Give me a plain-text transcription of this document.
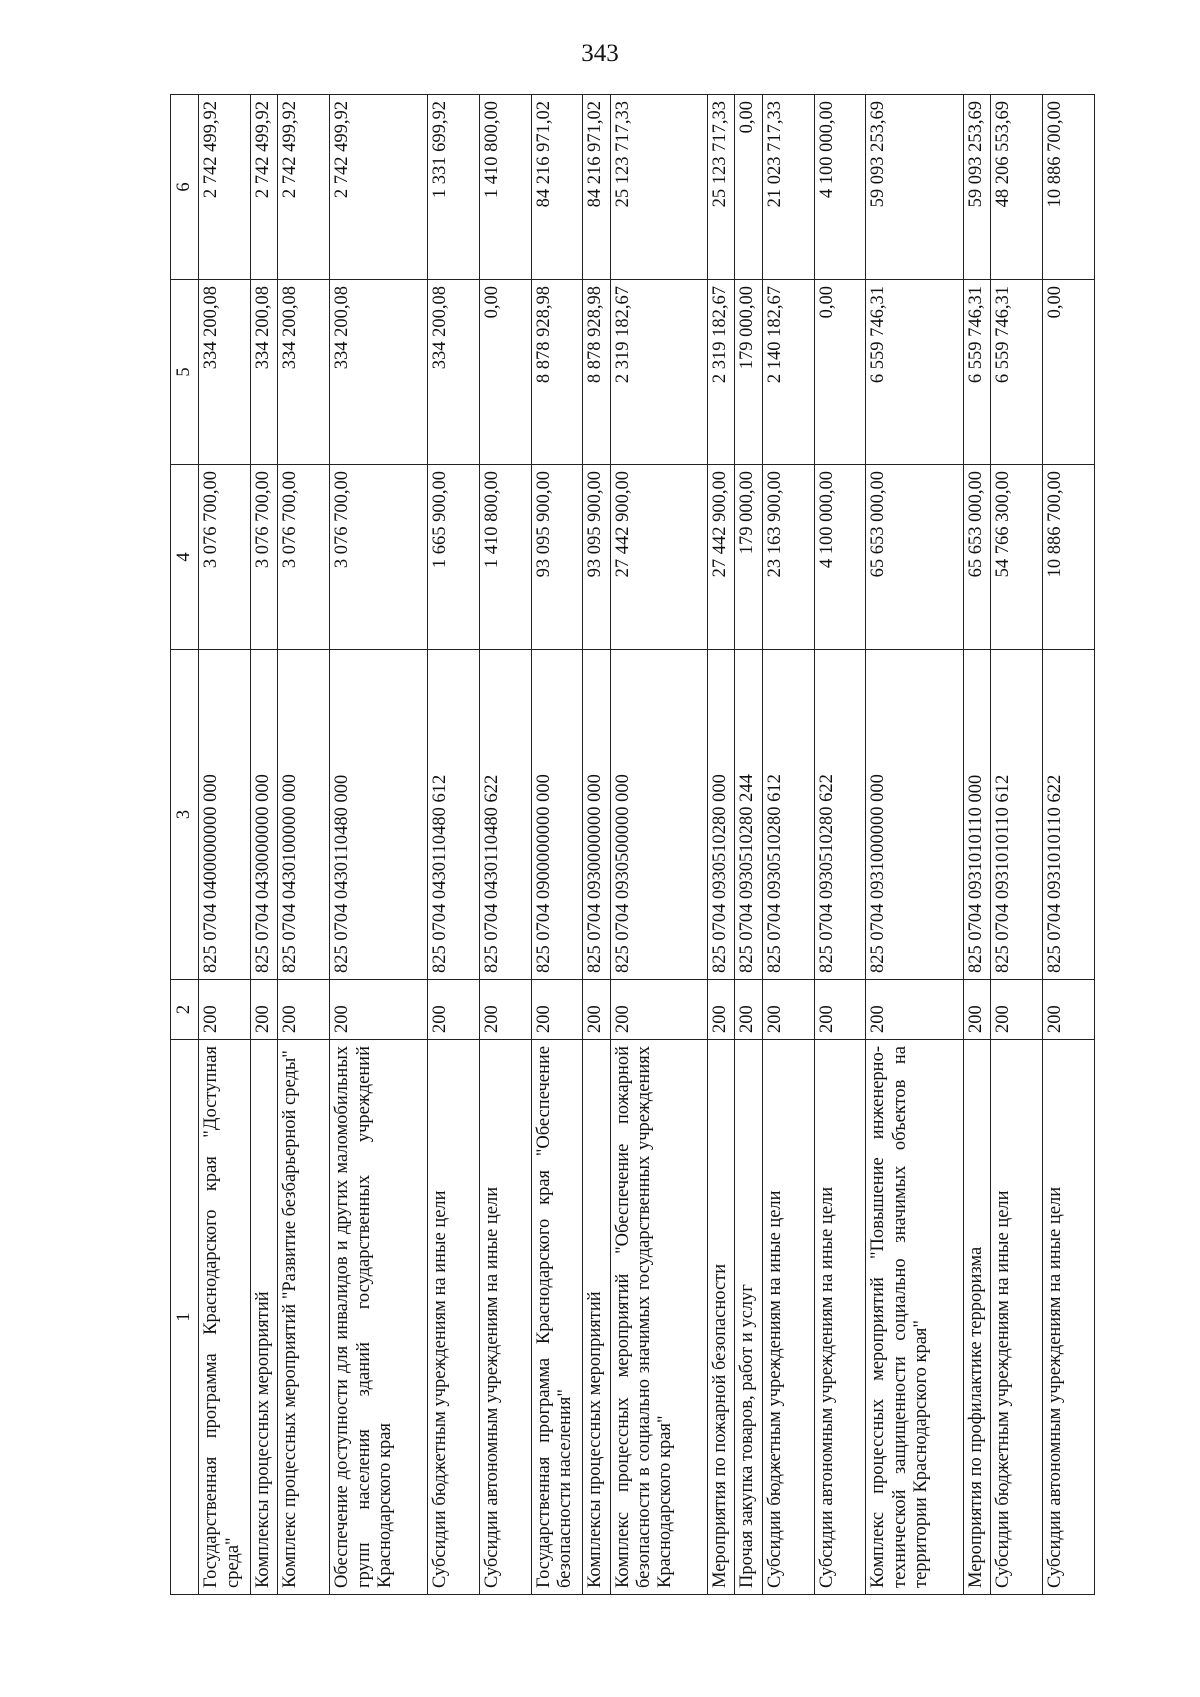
343
1	2	3	4	5	6
Государственная программа Краснодарского края "Доступная среда"	200	825 0704 0400000000 000	3 076 700,00	334 200,08	2 742 499,92
Комплексы процессных мероприятий	200	825 0704 0430000000 000	3 076 700,00	334 200,08	2 742 499,92
Комплекс процессных мероприятий "Развитие безбарьерной среды"	200	825 0704 0430100000 000	3 076 700,00	334 200,08	2 742 499,92
Обеспечение доступности для инвалидов и других маломобильных групп населения зданий государственных учреждений Краснодарского края	200	825 0704 0430110480 000	3 076 700,00	334 200,08	2 742 499,92
Субсидии бюджетным учреждениям на иные цели	200	825 0704 0430110480 612	1 665 900,00	334 200,08	1 331 699,92
Субсидии автономным учреждениям на иные цели	200	825 0704 0430110480 622	1 410 800,00	0,00	1 410 800,00
Государственная программа Краснодарского края "Обеспечение безопасности населения"	200	825 0704 0900000000 000	93 095 900,00	8 878 928,98	84 216 971,02
Комплексы процессных мероприятий	200	825 0704 0930000000 000	93 095 900,00	8 878 928,98	84 216 971,02
Комплекс процессных мероприятий "Обеспечение пожарной безопасности в социально значимых государственных учреждениях Краснодарского края"	200	825 0704 0930500000 000	27 442 900,00	2 319 182,67	25 123 717,33
Мероприятия по пожарной безопасности	200	825 0704 0930510280 000	27 442 900,00	2 319 182,67	25 123 717,33
Прочая закупка товаров, работ и услуг	200	825 0704 0930510280 244	179 000,00	179 000,00	0,00
Субсидии бюджетным учреждениям на иные цели	200	825 0704 0930510280 612	23 163 900,00	2 140 182,67	21 023 717,33
Субсидии автономным учреждениям на иные цели	200	825 0704 0930510280 622	4 100 000,00	0,00	4 100 000,00
Комплекс процессных мероприятий "Повышение инженерно-технической защищенности социально значимых объектов на территории Краснодарского края"	200	825 0704 0931000000 000	65 653 000,00	6 559 746,31	59 093 253,69
Мероприятия по профилактике терроризма	200	825 0704 0931010110 000	65 653 000,00	6 559 746,31	59 093 253,69
Субсидии бюджетным учреждениям на иные цели	200	825 0704 0931010110 612	54 766 300,00	6 559 746,31	48 206 553,69
Субсидии автономным учреждениям на иные цели	200	825 0704 0931010110 622	10 886 700,00	0,00	10 886 700,00
